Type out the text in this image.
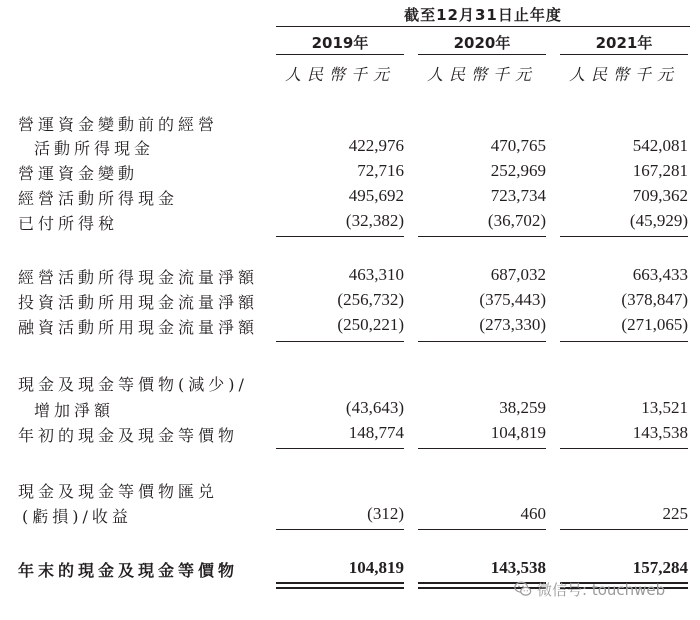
截至12月31日止年度
2019年	2020年	2021年
人民幣千元	人民幣千元	人民幣千元
營運資金變動前的經營
活動所得現金	422,976	470,765	542,081
營運資金變動	72,716	252,969	167,281
經營活動所得現金	495,692	723,734	709,362
已付所得稅	(32,382)	(36,702)	(45,929)
經營活動所得現金流量淨額	463,310	687,032	663,433
投資活動所用現金流量淨額	(256,732)	(375,443)	(378,847)
融資活動所用現金流量淨額	(250,221)	(273,330)	(271,065)
現金及現金等價物(減少)/
增加淨額	(43,643)	38,259	13,521
年初的現金及現金等價物	148,774	104,819	143,538
現金及現金等價物匯兑
(虧損)/收益	(312)	460	225
年末的現金及現金等價物	104,819	143,538	157,284
微信号: touchweb
